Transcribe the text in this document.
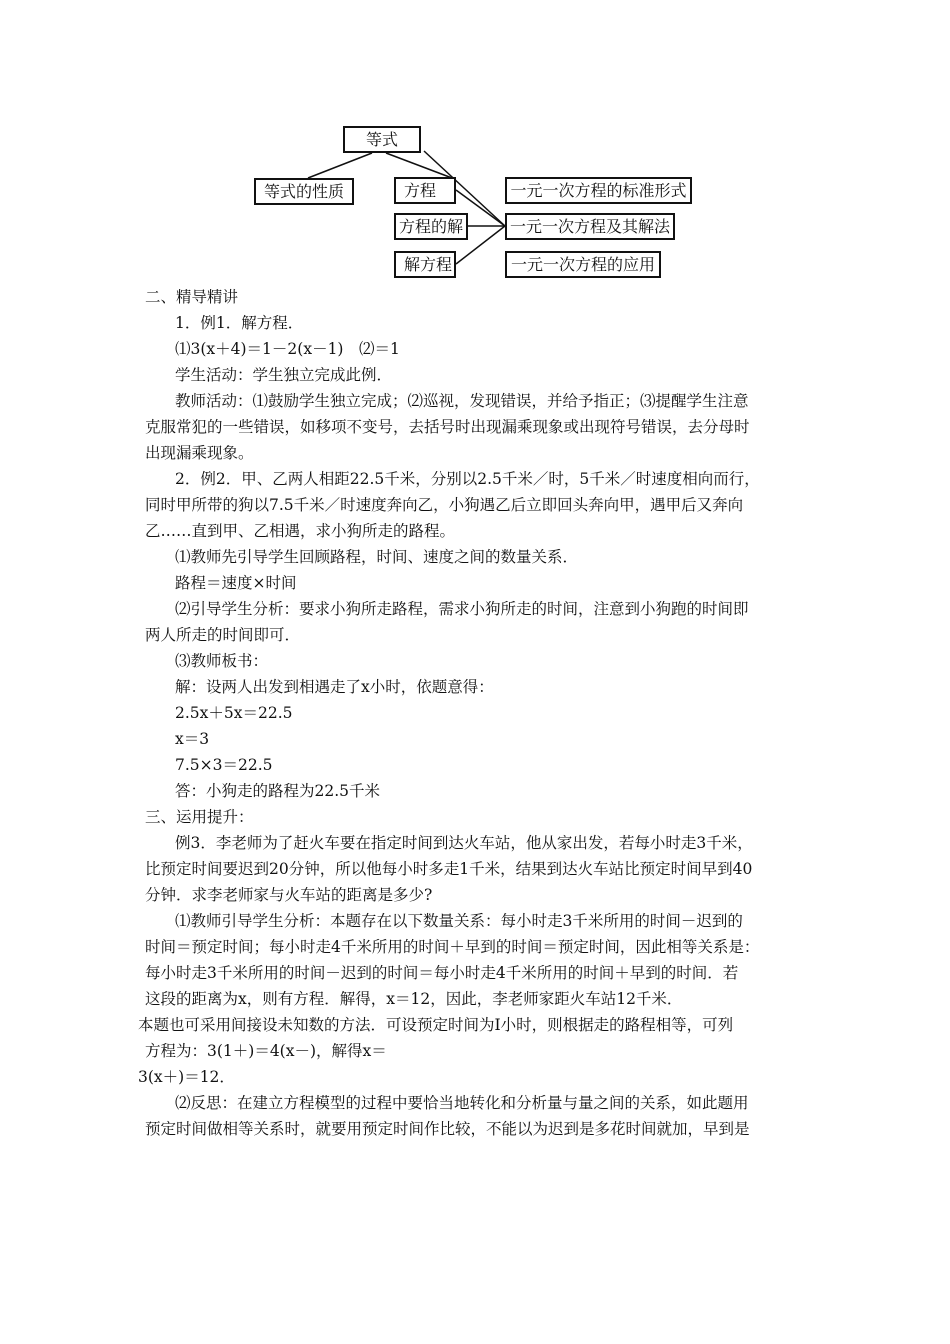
等式
等式的性质	方程
方程的解
解方程
一元一次方程的标准形式
一元一次方程及其解法
一元一次方程的应用
二、精导精讲
1．例1．解方程．
⑴3(x＋4)＝1－2(x－1)　⑵＝1
学生活动：学生独立完成此例．
教师活动：⑴鼓励学生独立完成；⑵巡视，发现错误，并给予指正；⑶提醒学生注意
克服常犯的一些错误，如移项不变号，去括号时出现漏乘现象或出现符号错误，去分母时
出现漏乘现象。
2．例2．甲、乙两人相距22.5千米，分别以2.5千米／时，5千米／时速度相向而行，
同时甲所带的狗以7.5千米／时速度奔向乙，小狗遇乙后立即回头奔向甲，遇甲后又奔向
乙……直到甲、乙相遇，求小狗所走的路程。
⑴教师先引导学生回顾路程，时间、速度之间的数量关系．
路程＝速度×时间
⑵引导学生分析：要求小狗所走路程，需求小狗所走的时间，注意到小狗跑的时间即
两人所走的时间即可．
⑶教师板书：
解：设两人出发到相遇走了x小时，依题意得：
2.5x＋5x＝22.5
x＝3
7.5×3＝22.5
答：小狗走的路程为22.5千米
三、运用提升：
例3．李老师为了赶火车要在指定时间到达火车站，他从家出发，若每小时走3千米，
比预定时间要迟到20分钟，所以他每小时多走1千米，结果到达火车站比预定时间早到40
分钟．求李老师家与火车站的距离是多少?
⑴教师引导学生分析：本题存在以下数量关系：每小时走3千米所用的时间－迟到的
时间＝预定时间；每小时走4千米所用的时间＋早到的时间＝预定时间，因此相等关系是：
每小时走3千米所用的时间－迟到的时间＝每小时走4千米所用的时间＋早到的时间．若
这段的距离为x，则有方程．解得，x＝12，因此，李老师家距火车站12千米．
本题也可采用间接设未知数的方法．可设预定时间为I小时，则根据走的路程相等，可列
方程为：3(1＋)＝4(x－)，解得x＝
3(x＋)＝12．
⑵反思：在建立方程模型的过程中要恰当地转化和分析量与量之间的关系，如此题用
预定时间做相等关系时，就要用预定时间作比较，不能以为迟到是多花时间就加，早到是
